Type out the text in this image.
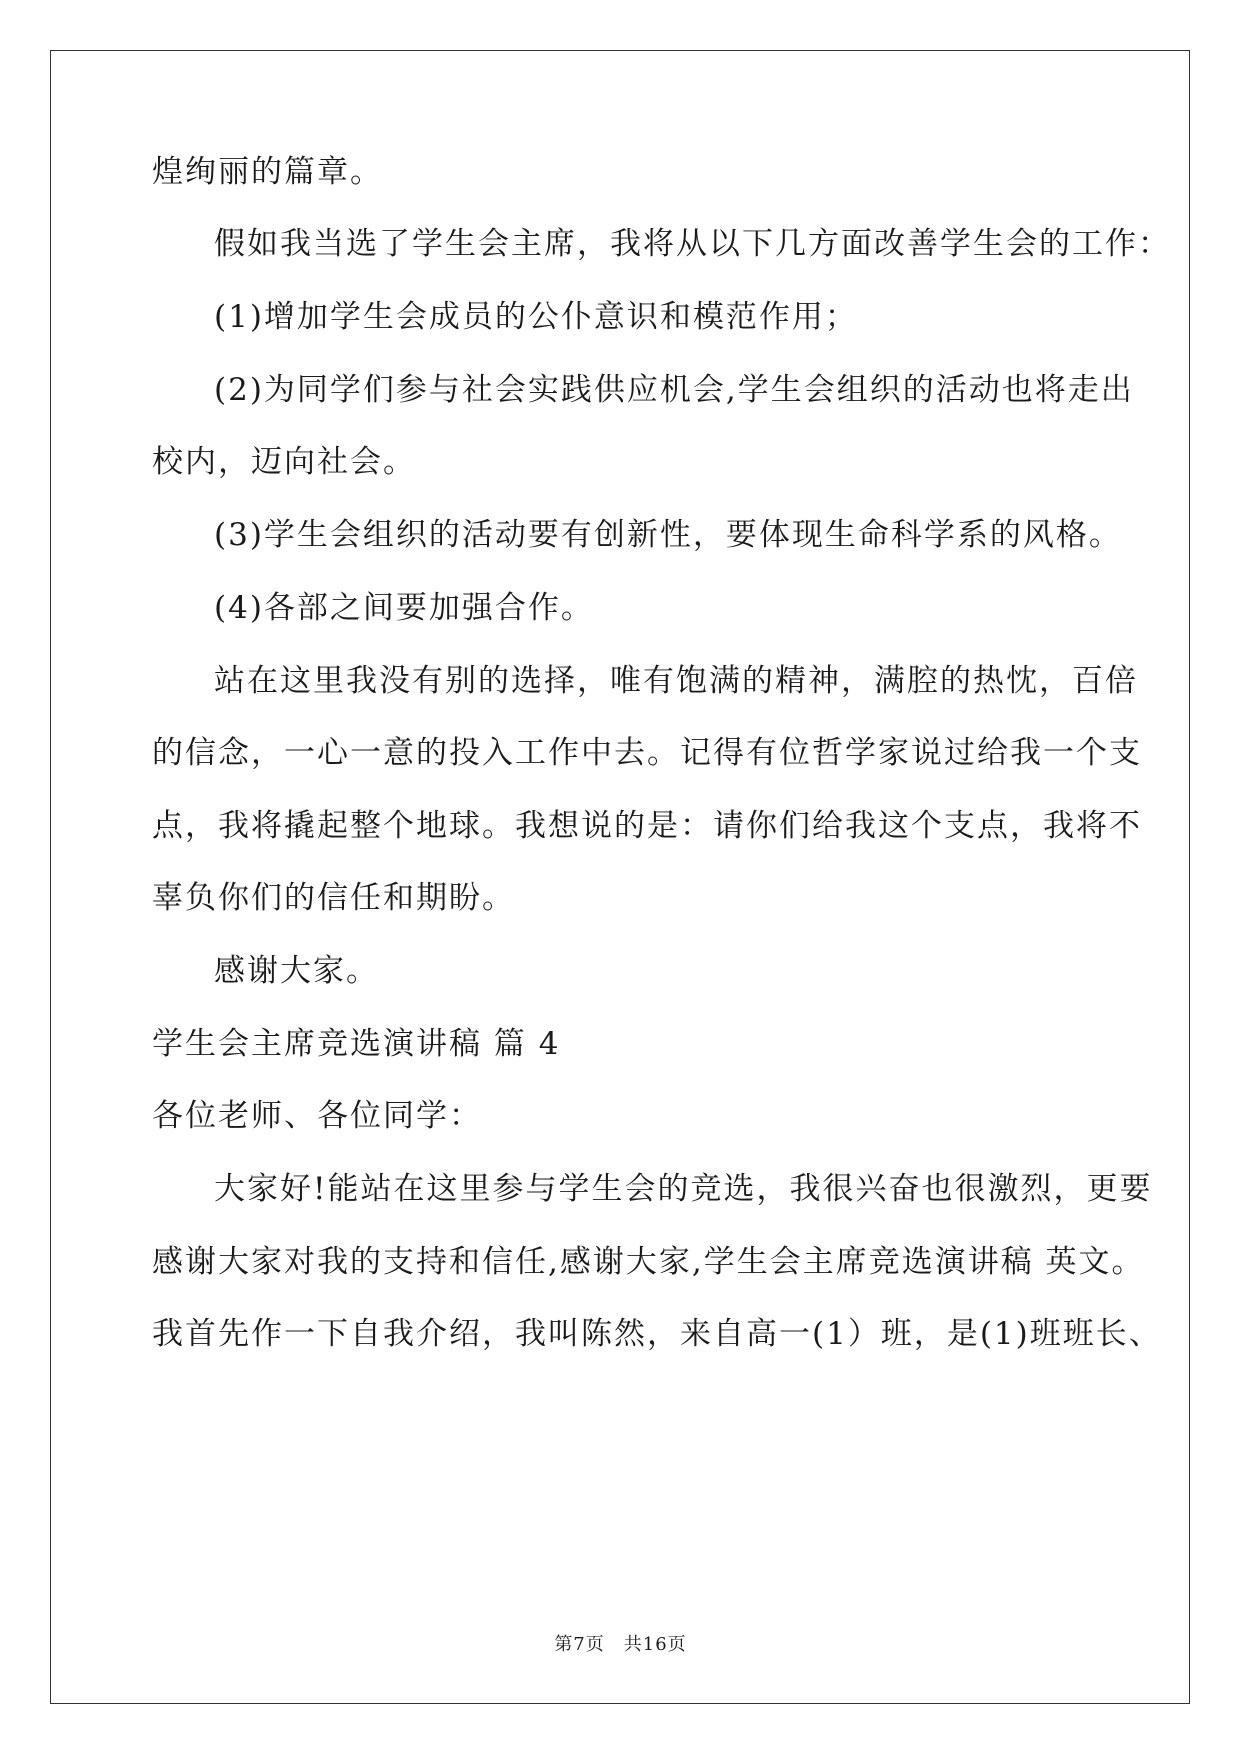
煌绚丽的篇章。
假如我当选了学生会主席，我将从以下几方面改善学生会的工作：
(1)增加学生会成员的公仆意识和模范作用；
(2)为同学们参与社会实践供应机会,学生会组织的活动也将走出
校内，迈向社会。
(3)学生会组织的活动要有创新性，要体现生命科学系的风格。
(4)各部之间要加强合作。
站在这里我没有别的选择，唯有饱满的精神，满腔的热忱，百倍
的信念，一心一意的投入工作中去。记得有位哲学家说过给我一个支
点，我将撬起整个地球。我想说的是：请你们给我这个支点，我将不
辜负你们的信任和期盼。
感谢大家。
学生会主席竞选演讲稿 篇 4
各位老师、各位同学：
大家好!能站在这里参与学生会的竞选，我很兴奋也很激烈，更要
感谢大家对我的支持和信任,感谢大家,学生会主席竞选演讲稿 英文。
我首先作一下自我介绍，我叫陈然，来自高一(1）班，是(1)班班长、
第7页　共16页
